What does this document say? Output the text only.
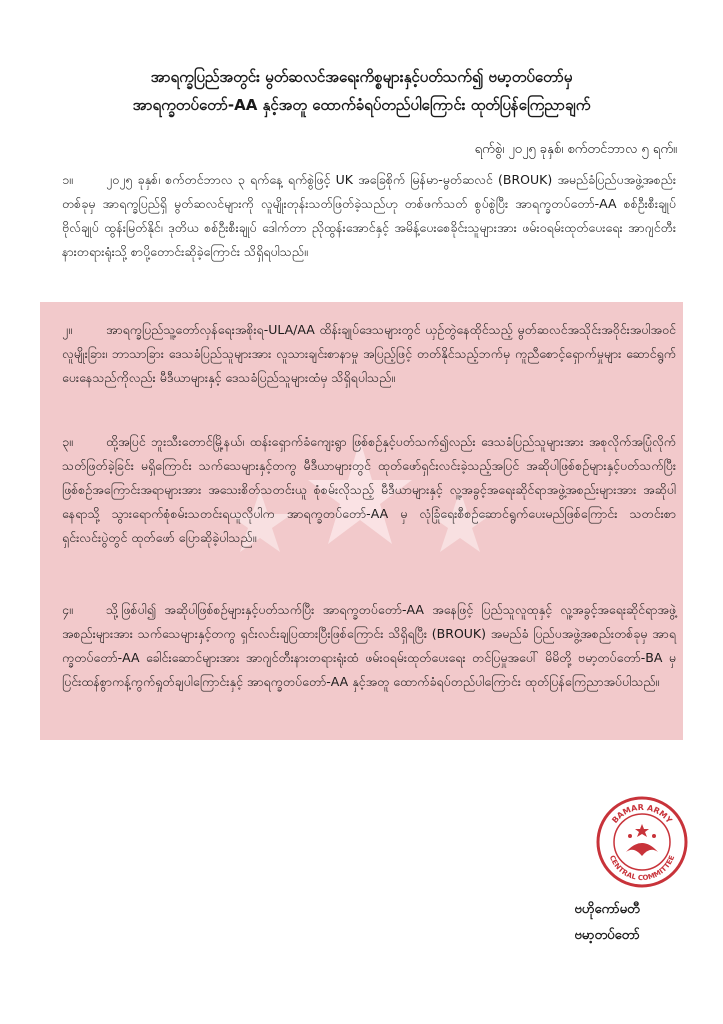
အာရက္ခပြည်အတွင်း မွတ်ဆလင်အရေးကိစ္စများနှင့်ပတ်သက်၍ ဗမာ့တပ်တော်မှ
အာရက္ခတပ်တော်-AA နှင့်အတူ ထောက်ခံရပ်တည်ပါကြောင်း ထုတ်ပြန်ကြေညာချက်
ရက်စွဲ၊ ၂၀၂၅ ခုနှစ်၊ စက်တင်ဘာလ ၅ ရက်။
၁။	၂၀၂၅ ခုနှစ်၊ စက်တင်ဘာလ ၃ ရက်နေ့ ရက်စွဲဖြင့် UK အခြေစိုက် မြန်မာ-မွတ်ဆလင် (BROUK) အမည်ခံပြည်ပအဖွဲ့အစည်းတစ်ခုမှ အာရက္ခပြည်ရှိ မွတ်ဆလင်များကို လူမျိုးတုန်းသတ်ဖြတ်ခဲ့သည်ဟု တစ်ဖက်သတ် စွပ်စွဲပြီး အာရက္ခတပ်တော်-AA စစ်ဦးစီးချုပ် ဗိုလ်ချုပ် ထွန်းမြတ်နိုင်၊ ဒုတိယ စစ်ဦးစီးချုပ် ဒေါက်တာ ညိုထွန်းအောင်နှင့် အမိန့်ပေးစေခိုင်းသူများအား ဖမ်းဝရမ်းထုတ်ပေးရေး အာဂျင်တီးနားတရားရုံးသို့ စာပို့တောင်းဆိုခဲ့ကြောင်း သိရှိရပါသည်။
၂။	အာရက္ခပြည်သူ့တော်လှန်ရေးအစိုးရ-ULA/AA ထိန်းချုပ်ဒေသများတွင် ယှဉ်တွဲနေထိုင်သည့် မွတ်ဆလင်အသိုင်းအဝိုင်းအပါအဝင် လူမျိုးခြား၊ ဘာသာခြား ဒေသခံပြည်သူများအား လူသားချင်းစာနာမှု အပြည့်ဖြင့် တတ်နိုင်သည့်ဘက်မှ ကူညီစောင့်ရှောက်မှုများ ဆောင်ရွက်ပေးနေသည်ကိုလည်း မီဒီယာများနှင့် ဒေသခံပြည်သူများထံမှ သိရှိရပါသည်။
၃။	ထို့အပြင် ဘူးသီးတောင်မြို့နယ်၊ ထန်းရှောက်ခံကျေးရွာ ဖြစ်စဉ်နှင့်ပတ်သက်၍လည်း ဒေသခံပြည်သူများအား အစုလိုက်အပြုံလိုက် သတ်ဖြတ်ခဲ့ခြင်း မရှိကြောင်း သက်သေများနှင့်တကွ မီဒီယာများတွင် ထုတ်ဖော်ရှင်းလင်းခဲ့သည့်အပြင် အဆိုပါဖြစ်စဉ်များနှင့်ပတ်သက်ပြီး ဖြစ်စဉ်အကြောင်းအရာများအား အသေးစိတ်သတင်းယူ စုံစမ်းလိုသည့် မီဒီယာများနှင့် လူ့အခွင့်အရေးဆိုင်ရာအဖွဲ့အစည်းများအား အဆိုပါနေရာသို့ သွားရောက်စုံစမ်းသတင်းရယူလိုပါက အာရက္ခတပ်တော်-AA မှ လုံခြုံရေးစီစဉ်ဆောင်ရွက်ပေးမည်ဖြစ်ကြောင်း သတင်းစာရှင်းလင်းပွဲတွင် ထုတ်ဖော် ပြောဆိုခဲ့ပါသည်။
၄။	သို့ဖြစ်ပါ၍ အဆိုပါဖြစ်စဉ်များနှင့်ပတ်သက်ပြီး အာရက္ခတပ်တော်-AA အနေဖြင့် ပြည်သူလူထုနှင့် လူ့အခွင့်အရေးဆိုင်ရာအဖွဲ့အစည်းများအား သက်သေများနှင့်တကွ ရှင်းလင်းချပြထားပြီးဖြစ်ကြောင်း သိရှိရပြီး (BROUK) အမည်ခံ ပြည်ပအဖွဲ့အစည်းတစ်ခုမှ အာရက္ခတပ်တော်-AA ခေါင်းဆောင်များအား အာဂျင်တီးနားတရားရုံးထံ ဖမ်းဝရမ်းထုတ်ပေးရေး တင်ပြမှုအပေါ် မိမိတို့ ဗမာ့တပ်တော်-BA မှ ပြင်းထန်စွာကန့်ကွက်ရှုတ်ချပါကြောင်းနှင့် အာရက္ခတပ်တော်-AA နှင့်အတူ ထောက်ခံရပ်တည်ပါကြောင်း ထုတ်ပြန်ကြေညာအပ်ပါသည်။
BAMAR ARMY
CENTRAL COMMITTEE
ဗဟိုကော်မတီ
ဗမာ့တပ်တော်
